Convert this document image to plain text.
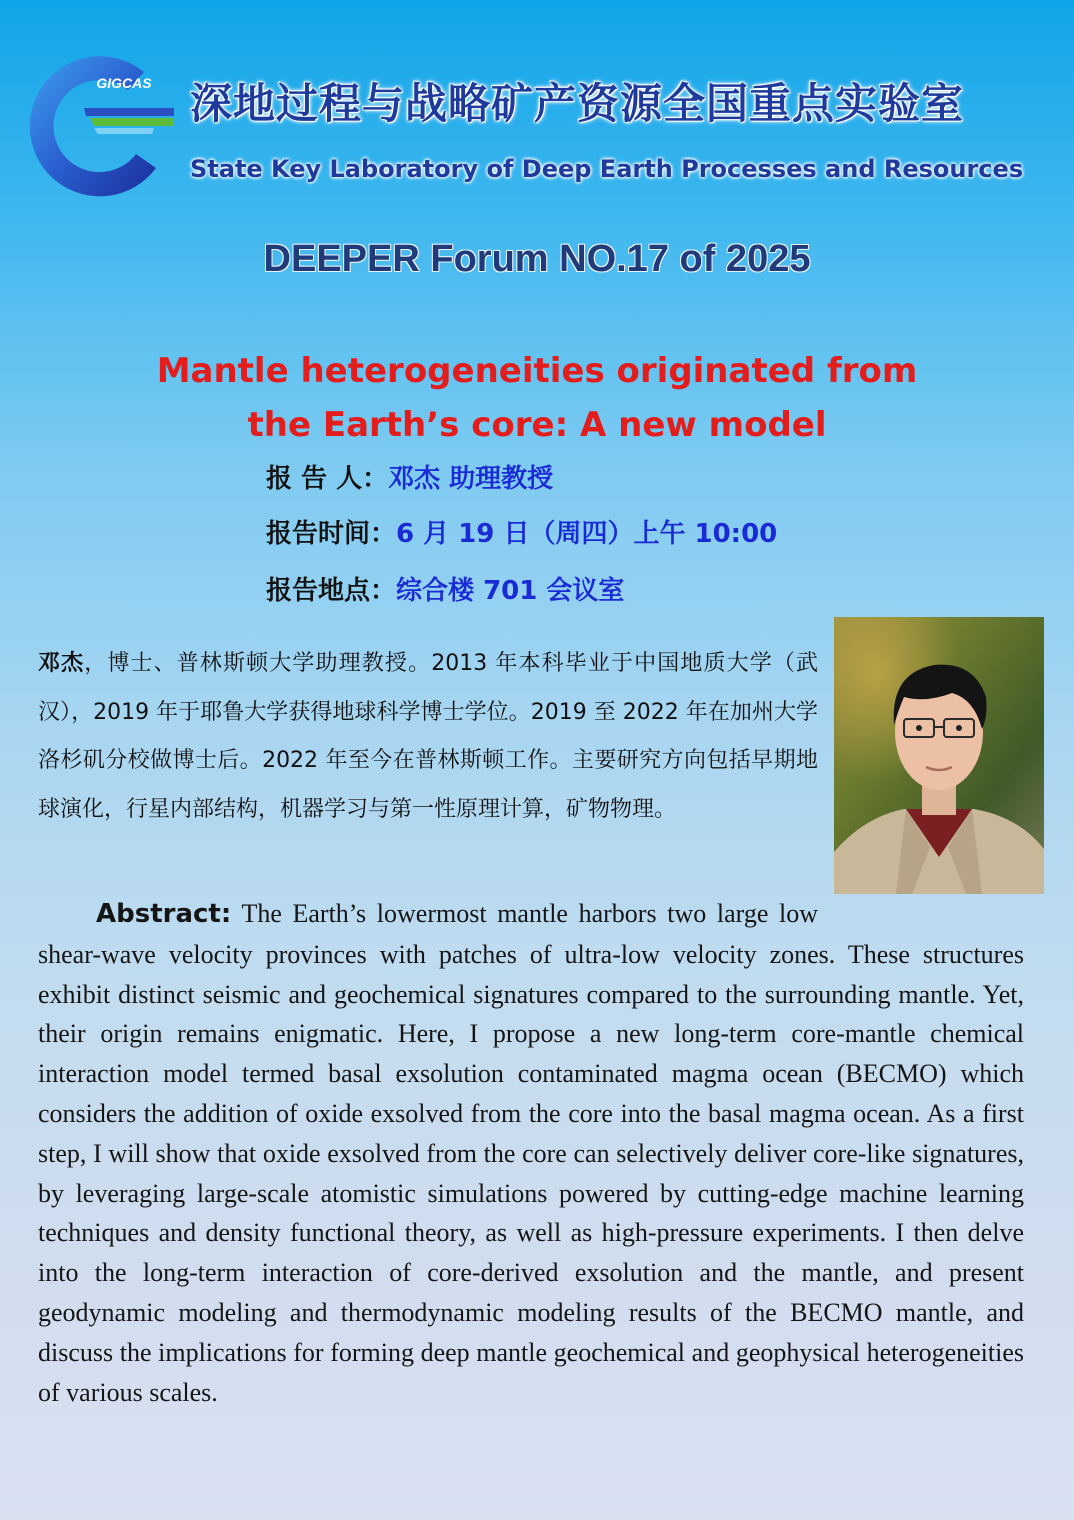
GIGCAS 深地过程与战略矿产资源全国重点实验室
State Key Laboratory of Deep Earth Processes and Resources
DEEPER Forum NO.17 of 2025
Mantle heterogeneities originated from
the Earth’s core: A new model
报 告 人：邓杰 助理教授
报告时间：6 月 19 日（周四）上午 10:00
报告地点：综合楼 701 会议室
邓杰，博士、普林斯顿大学助理教授。2013 年本科毕业于中国地质大学（武汉），2019 年于耶鲁大学获得地球科学博士学位。2019 至 2022 年在加州大学洛杉矶分校做博士后。2022 年至今在普林斯顿工作。主要研究方向包括早期地球演化，行星内部结构，机器学习与第一性原理计算，矿物物理。
Abstract: The Earth’s lowermost mantle harbors two large low shear-wave velocity provinces with patches of ultra-low velocity zones. These structures exhibit distinct seismic and geochemical signatures compared to the surrounding mantle. Yet, their origin remains enigmatic. Here, I propose a new long-term core-mantle chemical interaction model termed basal exsolution contaminated magma ocean (BECMO) which considers the addition of oxide exsolved from the core into the basal magma ocean. As a first step, I will show that oxide exsolved from the core can selectively deliver core-like signatures, by leveraging large-scale atomistic simulations powered by cutting-edge machine learning techniques and density functional theory, as well as high-pressure experiments. I then delve into the long-term interaction of core-derived exsolution and the mantle, and present geodynamic modeling and thermodynamic modeling results of the BECMO mantle, and discuss the implications for forming deep mantle geochemical and geophysical heterogeneities of various scales.
